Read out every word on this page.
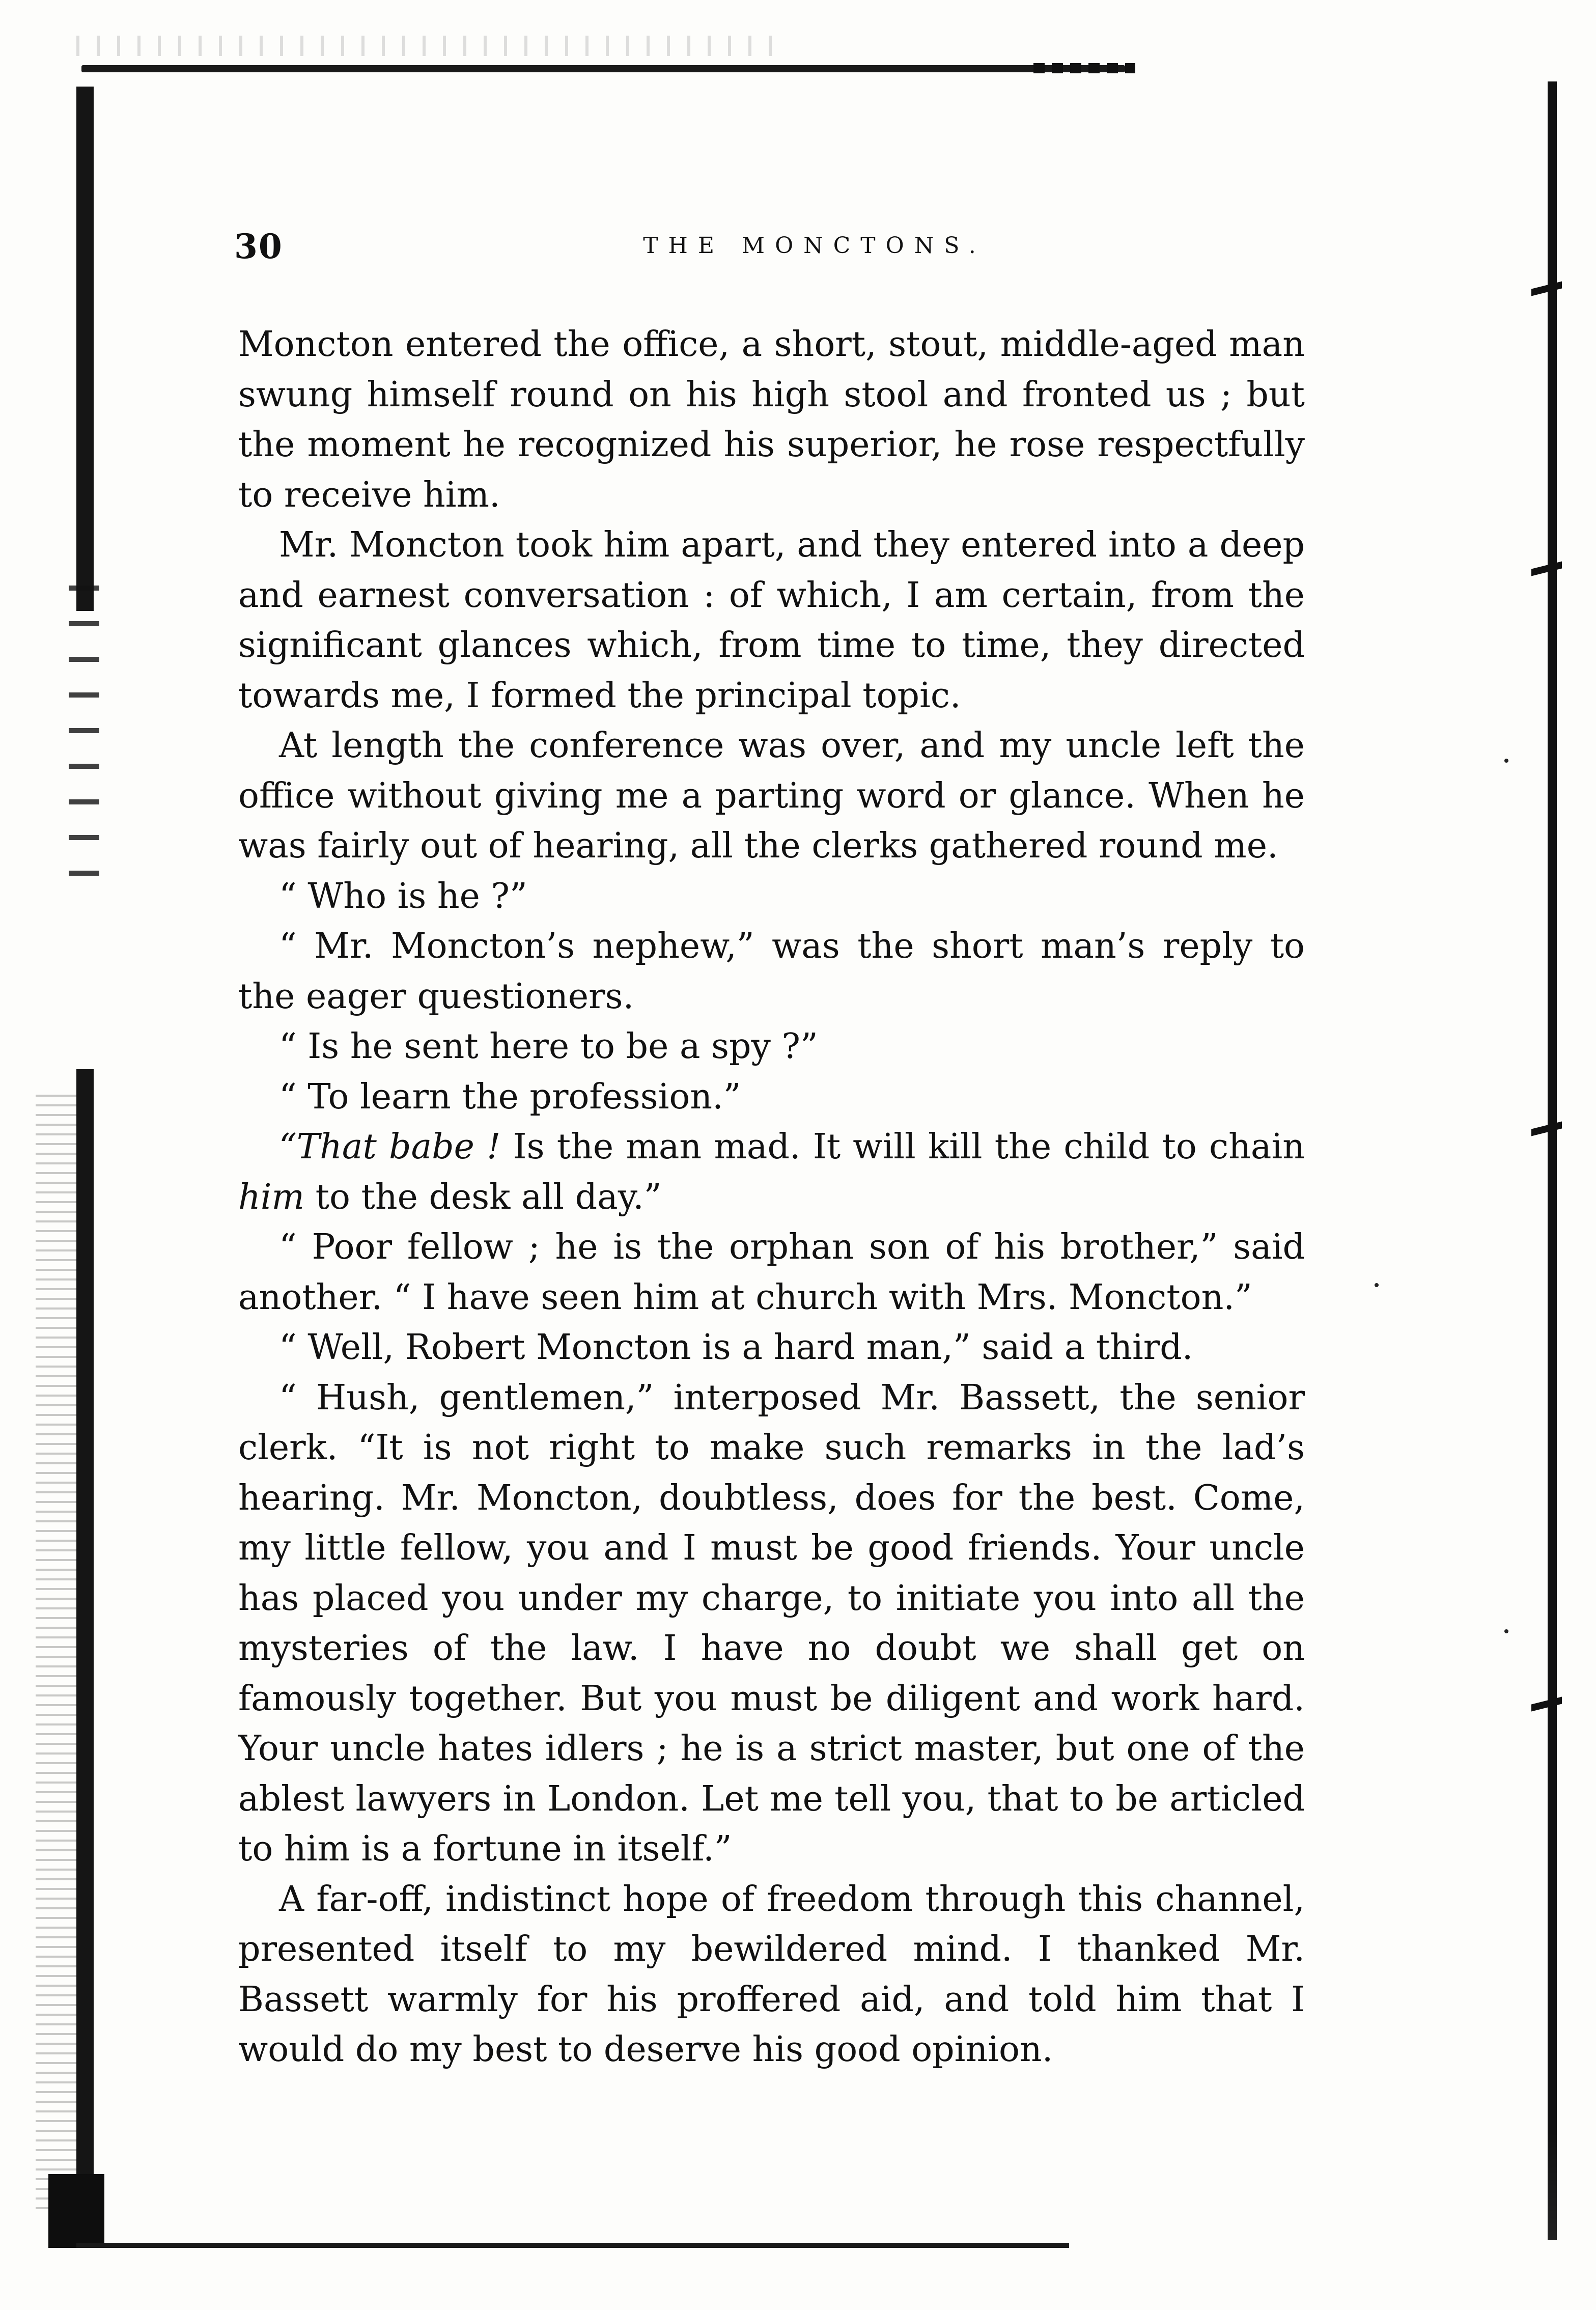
30	THE MONCTONS.

Moncton entered the office, a short, stout, middle-aged man swung himself round on his high stool and fronted us ; but the moment he recognized his superior, he rose respectfully to receive him.

Mr. Moncton took him apart, and they entered into a deep and earnest conversation : of which, I am certain, from the significant glances which, from time to time, they directed towards me, I formed the principal topic.

At length the conference was over, and my uncle left the office without giving me a parting word or glance. When he was fairly out of hearing, all the clerks gathered round me.

“ Who is he ?”

“ Mr. Moncton’s nephew,” was the short man’s reply to the eager questioners.

“ Is he sent here to be a spy ?”

“ To learn the profession.”

“That babe ! Is the man mad. It will kill the child to chain him to the desk all day.”

“ Poor fellow ; he is the orphan son of his brother,” said another. “ I have seen him at church with Mrs. Moncton.”

“ Well, Robert Moncton is a hard man,” said a third.

“ Hush, gentlemen,” interposed Mr. Bassett, the senior clerk. “It is not right to make such remarks in the lad’s hearing. Mr. Moncton, doubtless, does for the best. Come, my little fellow, you and I must be good friends. Your uncle has placed you under my charge, to initiate you into all the mysteries of the law. I have no doubt we shall get on famously together. But you must be diligent and work hard. Your uncle hates idlers ; he is a strict master, but one of the ablest lawyers in London. Let me tell you, that to be articled to him is a fortune in itself.”

A far-off, indistinct hope of freedom through this channel, presented itself to my bewildered mind. I thanked Mr. Bassett warmly for his proffered aid, and told him that I would do my best to deserve his good opinion.
